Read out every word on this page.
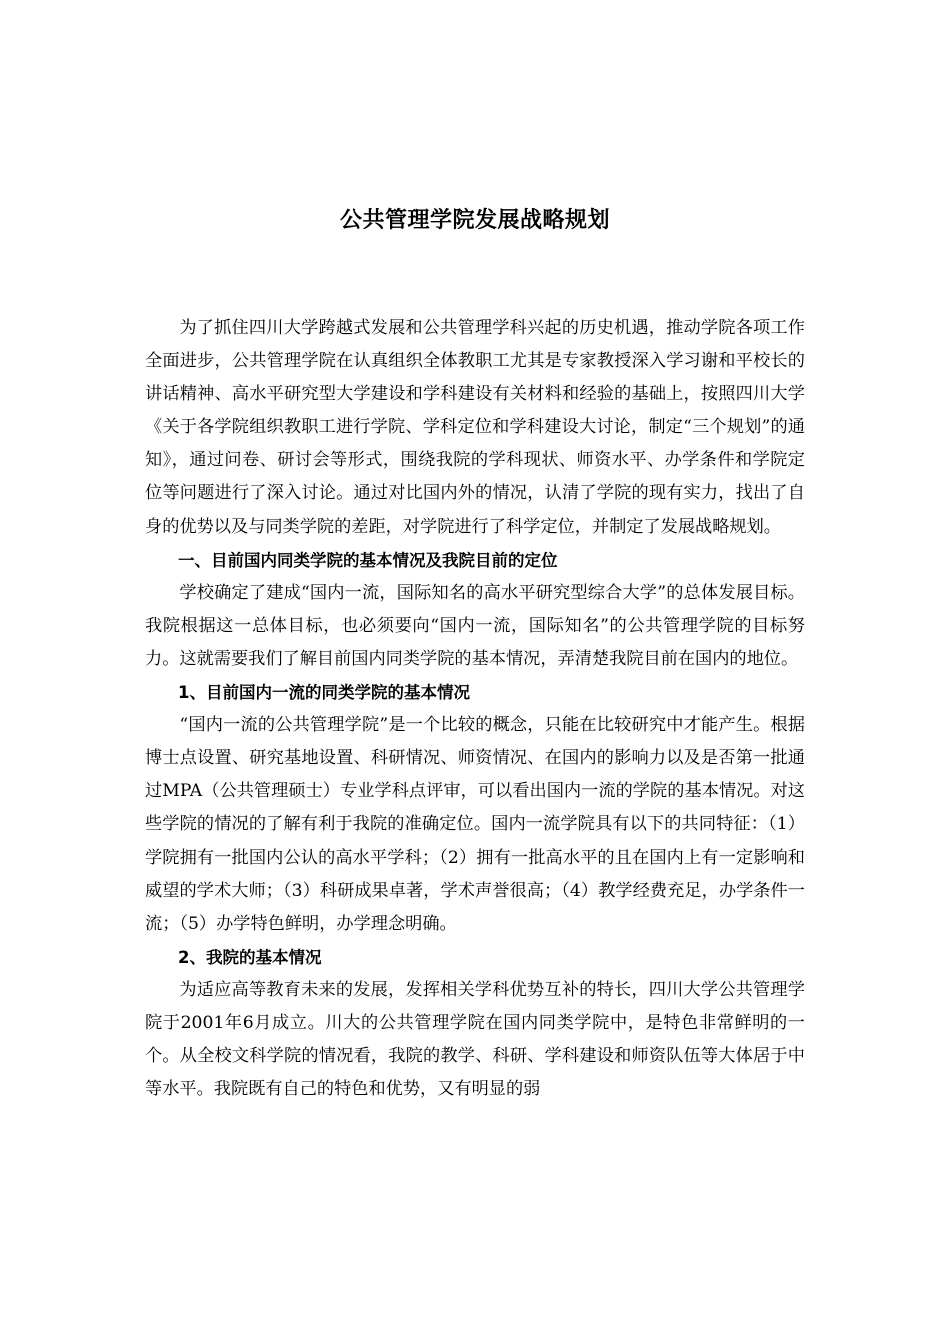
公共管理学院发展战略规划

为了抓住四川大学跨越式发展和公共管理学科兴起的历史机遇，推动学院各项工作全面进步，公共管理学院在认真组织全体教职工尤其是专家教授深入学习谢和平校长的讲话精神、高水平研究型大学建设和学科建设有关材料和经验的基础上，按照四川大学《关于各学院组织教职工进行学院、学科定位和学科建设大讨论，制定“三个规划”的通知》，通过问卷、研讨会等形式，围绕我院的学科现状、师资水平、办学条件和学院定位等问题进行了深入讨论。通过对比国内外的情况，认清了学院的现有实力，找出了自身的优势以及与同类学院的差距，对学院进行了科学定位，并制定了发展战略规划。

一、目前国内同类学院的基本情况及我院目前的定位

学校确定了建成“国内一流，国际知名的高水平研究型综合大学”的总体发展目标。我院根据这一总体目标，也必须要向“国内一流，国际知名”的公共管理学院的目标努力。这就需要我们了解目前国内同类学院的基本情况，弄清楚我院目前在国内的地位。

1、目前国内一流的同类学院的基本情况

“国内一流的公共管理学院”是一个比较的概念，只能在比较研究中才能产生。根据博士点设置、研究基地设置、科研情况、师资情况、在国内的影响力以及是否第一批通过MPA（公共管理硕士）专业学科点评审，可以看出国内一流的学院的基本情况。对这些学院的情况的了解有利于我院的准确定位。国内一流学院具有以下的共同特征：（1）学院拥有一批国内公认的高水平学科；（2）拥有一批高水平的且在国内上有一定影响和威望的学术大师；（3）科研成果卓著，学术声誉很高；（4）教学经费充足，办学条件一流；（5）办学特色鲜明，办学理念明确。

2、我院的基本情况

为适应高等教育未来的发展，发挥相关学科优势互补的特长，四川大学公共管理学院于2001年6月成立。川大的公共管理学院在国内同类学院中，是特色非常鲜明的一个。从全校文科学院的情况看，我院的教学、科研、学科建设和师资队伍等大体居于中等水平。我院既有自己的特色和优势，又有明显的弱
